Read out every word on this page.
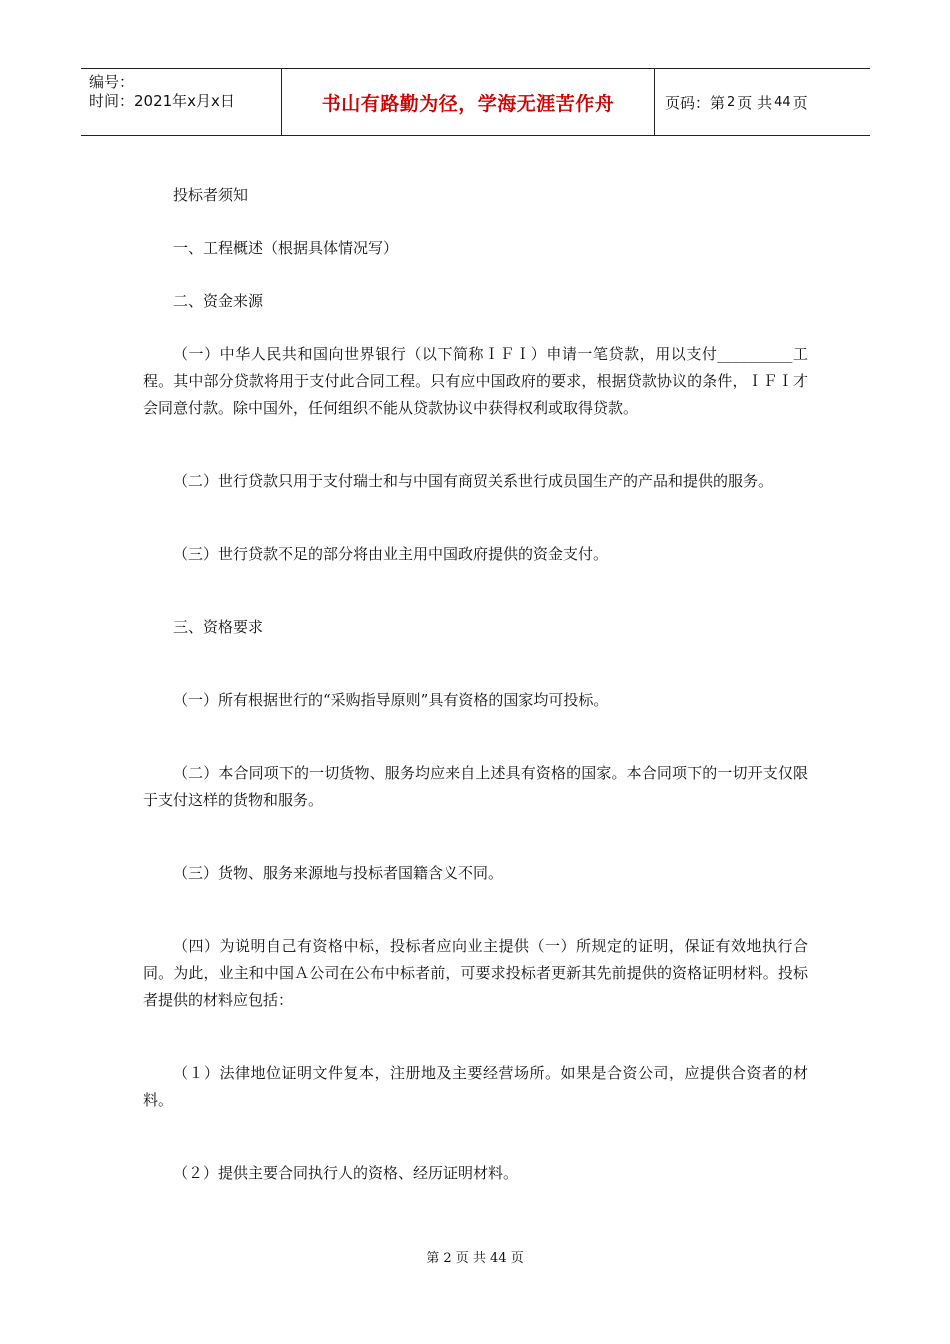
编号：
时间：2021年x月x日	书山有路勤为径，学海无涯苦作舟	页码：第 2 页 共 44 页

投标者须知

一、工程概述（根据具体情况写）

二、资金来源

（一）中华人民共和国向世界银行（以下简称ＩＦＩ）申请一笔贷款，用以支付__________工程。其中部分贷款将用于支付此合同工程。只有应中国政府的要求，根据贷款协议的条件，ＩＦＩ才会同意付款。除中国外，任何组织不能从贷款协议中获得权利或取得贷款。

（二）世行贷款只用于支付瑞士和与中国有商贸关系世行成员国生产的产品和提供的服务。

（三）世行贷款不足的部分将由业主用中国政府提供的资金支付。

三、资格要求

（一）所有根据世行的“采购指导原则”具有资格的国家均可投标。

（二）本合同项下的一切货物、服务均应来自上述具有资格的国家。本合同项下的一切开支仅限于支付这样的货物和服务。

（三）货物、服务来源地与投标者国籍含义不同。

（四）为说明自己有资格中标，投标者应向业主提供（一）所规定的证明，保证有效地执行合同。为此，业主和中国Ａ公司在公布中标者前，可要求投标者更新其先前提供的资格证明材料。投标者提供的材料应包括：

（１）法律地位证明文件复本，注册地及主要经营场所。如果是合资公司，应提供合资者的材料。

（２）提供主要合同执行人的资格、经历证明材料。

第 2 页 共 44 页
